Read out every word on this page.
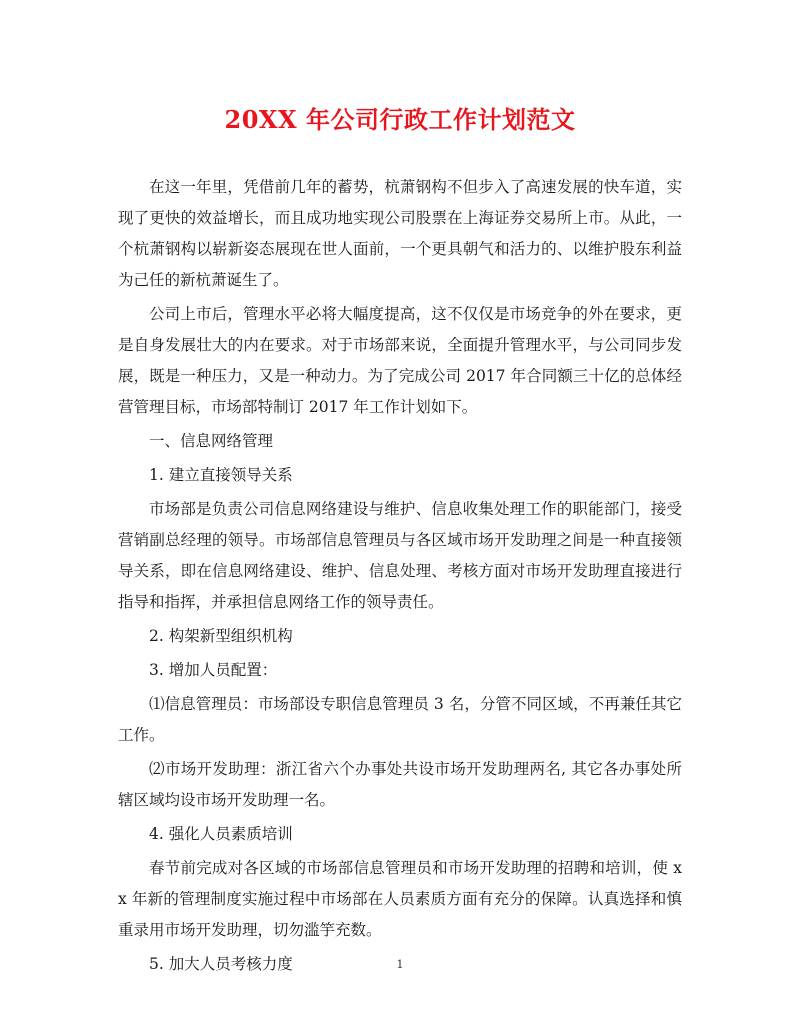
20XX 年公司行政工作计划范文

在这一年里，凭借前几年的蓄势，杭萧钢构不但步入了高速发展的快车道，实现了更快的效益增长，而且成功地实现公司股票在上海证券交易所上市。从此，一个杭萧钢构以崭新姿态展现在世人面前，一个更具朝气和活力的、以维护股东利益为己任的新杭萧诞生了。

公司上市后，管理水平必将大幅度提高，这不仅仅是市场竞争的外在要求，更是自身发展壮大的内在要求。对于市场部来说，全面提升管理水平，与公司同步发展，既是一种压力，又是一种动力。为了完成公司 2017 年合同额三十亿的总体经营管理目标，市场部特制订 2017 年工作计划如下。

一、信息网络管理

1. 建立直接领导关系

市场部是负责公司信息网络建设与维护、信息收集处理工作的职能部门，接受营销副总经理的领导。市场部信息管理员与各区域市场开发助理之间是一种直接领导关系，即在信息网络建设、维护、信息处理、考核方面对市场开发助理直接进行指导和指挥，并承担信息网络工作的领导责任。

2. 构架新型组织机构

3. 增加人员配置：

⑴信息管理员：市场部设专职信息管理员 3 名，分管不同区域，不再兼任其它工作。

⑵市场开发助理：浙江省六个办事处共设市场开发助理两名, 其它各办事处所辖区域均设市场开发助理一名。

4. 强化人员素质培训

春节前完成对各区域的市场部信息管理员和市场开发助理的招聘和培训，使 xx 年新的管理制度实施过程中市场部在人员素质方面有充分的保障。认真选择和慎重录用市场开发助理，切勿滥竽充数。

5. 加大人员考核力度	1
